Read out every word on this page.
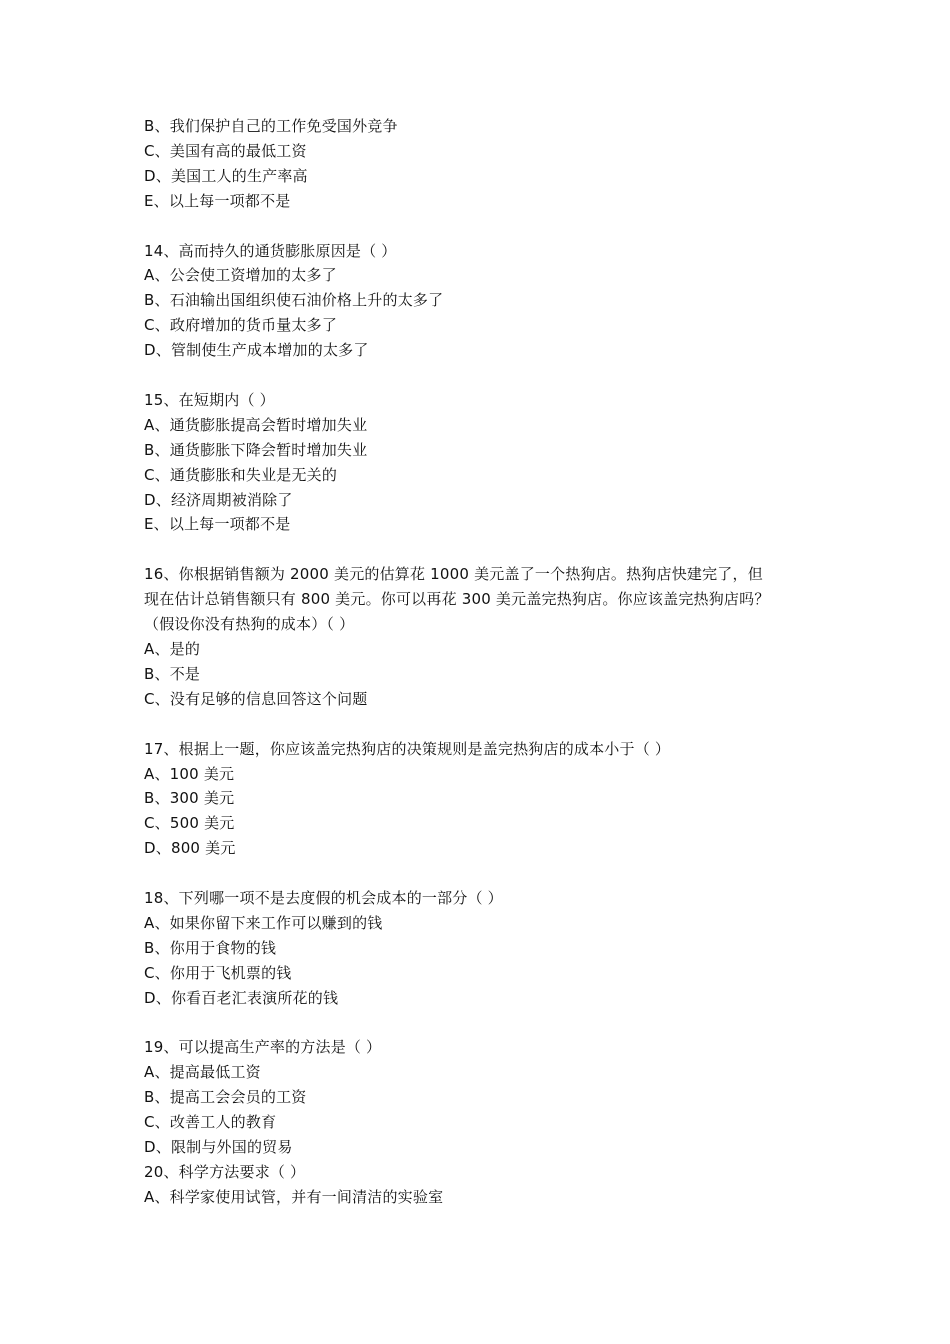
B、我们保护自己的工作免受国外竞争

C、美国有高的最低工资

D、美国工人的生产率高

E、以上每一项都不是

14、高而持久的通货膨胀原因是（ ）

A、公会使工资增加的太多了

B、石油输出国组织使石油价格上升的太多了

C、政府增加的货币量太多了

D、管制使生产成本增加的太多了

15、在短期内（ ）

A、通货膨胀提高会暂时增加失业

B、通货膨胀下降会暂时增加失业

C、通货膨胀和失业是无关的

D、经济周期被消除了

E、以上每一项都不是

16、你根据销售额为 2000 美元的估算花 1000 美元盖了一个热狗店。热狗店快建完了，但

现在估计总销售额只有 800 美元。你可以再花 300 美元盖完热狗店。你应该盖完热狗店吗？

（假设你没有热狗的成本）（ ）

A、是的

B、不是

C、没有足够的信息回答这个问题

17、根据上一题，你应该盖完热狗店的决策规则是盖完热狗店的成本小于（ ）

A、100 美元

B、300 美元

C、500 美元

D、800 美元

18、下列哪一项不是去度假的机会成本的一部分（ ）

A、如果你留下来工作可以赚到的钱

B、你用于食物的钱

C、你用于飞机票的钱

D、你看百老汇表演所花的钱

19、可以提高生产率的方法是（ ）

A、提高最低工资

B、提高工会会员的工资

C、改善工人的教育

D、限制与外国的贸易

20、科学方法要求（ ）

A、科学家使用试管，并有一间清洁的实验室
